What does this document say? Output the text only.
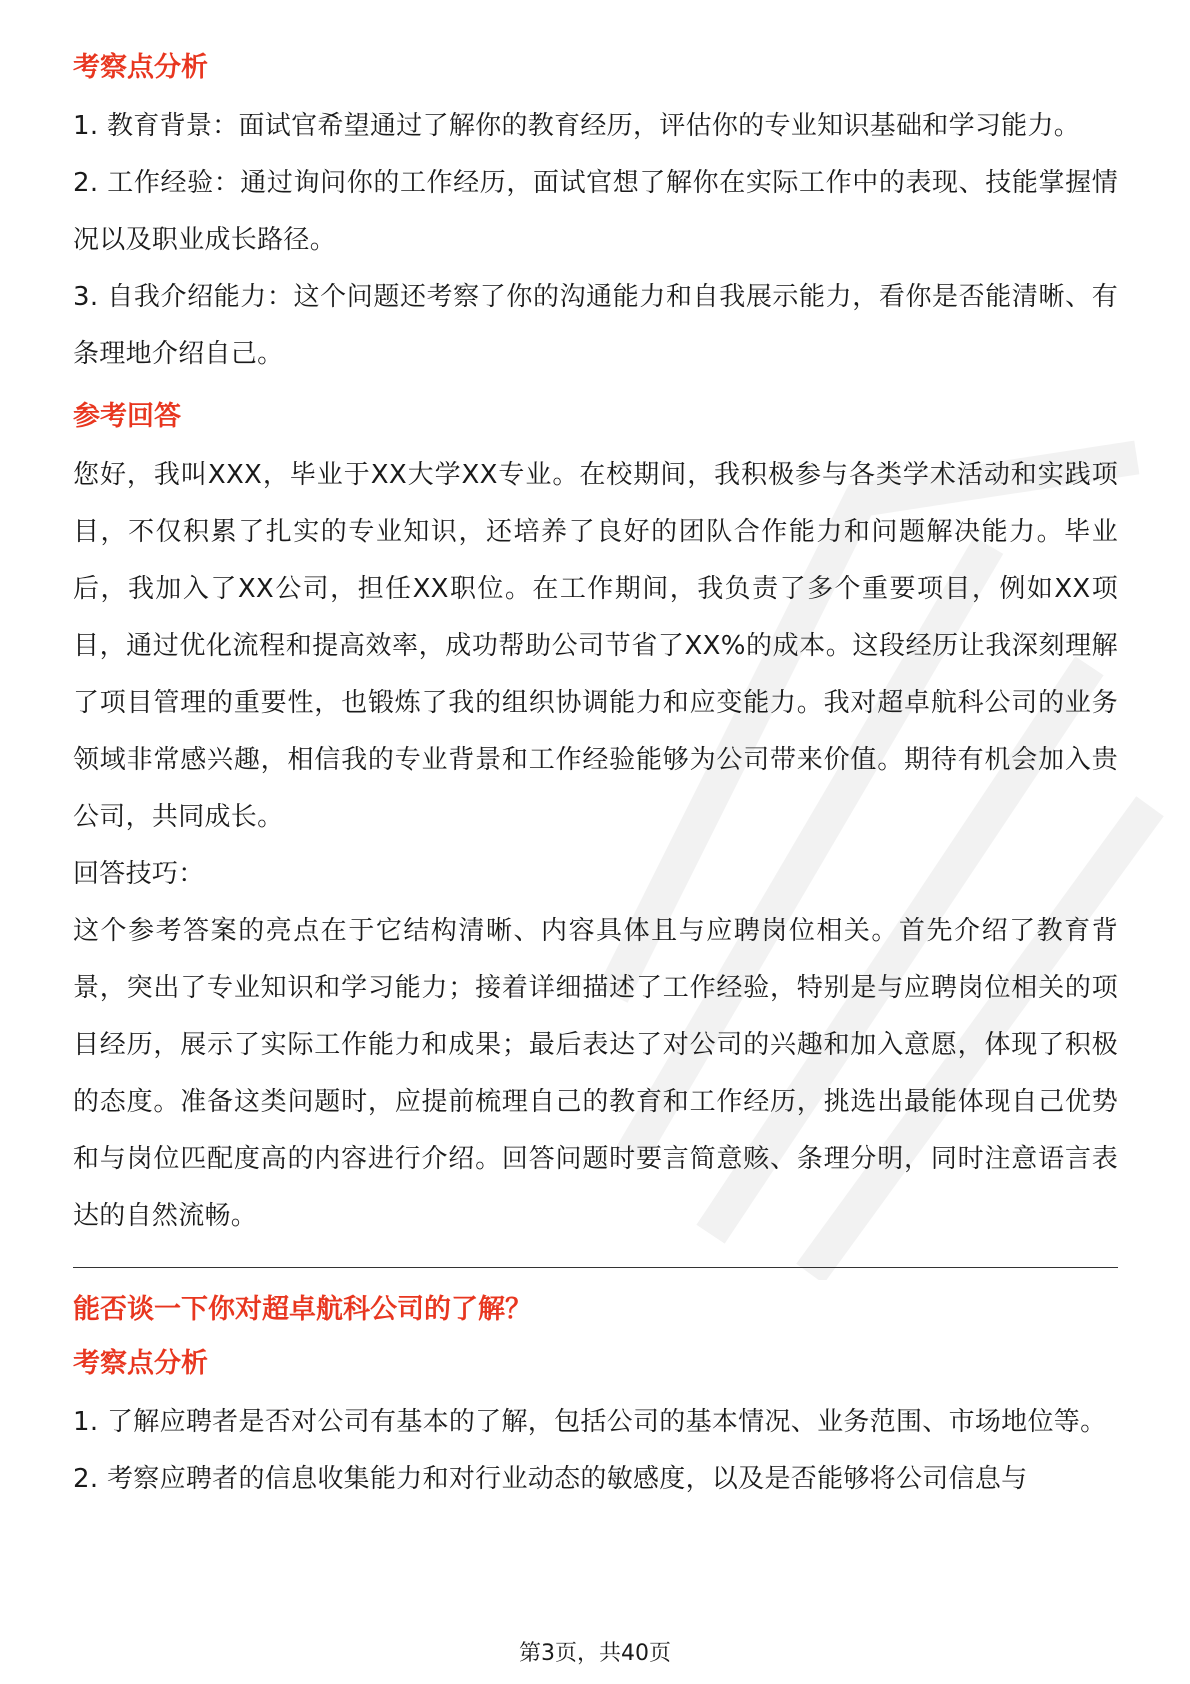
考察点分析

1. 教育背景：面试官希望通过了解你的教育经历，评估你的专业知识基础和学习能力。

2. 工作经验：通过询问你的工作经历，面试官想了解你在实际工作中的表现、技能掌握情况以及职业成长路径。

3. 自我介绍能力：这个问题还考察了你的沟通能力和自我展示能力，看你是否能清晰、有条理地介绍自己。

参考回答

您好，我叫XXX，毕业于XX大学XX专业。在校期间，我积极参与各类学术活动和实践项目，不仅积累了扎实的专业知识，还培养了良好的团队合作能力和问题解决能力。毕业后，我加入了XX公司，担任XX职位。在工作期间，我负责了多个重要项目，例如XX项目，通过优化流程和提高效率，成功帮助公司节省了XX%的成本。这段经历让我深刻理解了项目管理的重要性，也锻炼了我的组织协调能力和应变能力。我对超卓航科公司的业务领域非常感兴趣，相信我的专业背景和工作经验能够为公司带来价值。期待有机会加入贵公司，共同成长。

回答技巧：

这个参考答案的亮点在于它结构清晰、内容具体且与应聘岗位相关。首先介绍了教育背景，突出了专业知识和学习能力；接着详细描述了工作经验，特别是与应聘岗位相关的项目经历，展示了实际工作能力和成果；最后表达了对公司的兴趣和加入意愿，体现了积极的态度。准备这类问题时，应提前梳理自己的教育和工作经历，挑选出最能体现自己优势和与岗位匹配度高的内容进行介绍。回答问题时要言简意赅、条理分明，同时注意语言表达的自然流畅。

能否谈一下你对超卓航科公司的了解？
考察点分析

1. 了解应聘者是否对公司有基本的了解，包括公司的基本情况、业务范围、市场地位等。

2. 考察应聘者的信息收集能力和对行业动态的敏感度，以及是否能够将公司信息与

第3页，共40页
